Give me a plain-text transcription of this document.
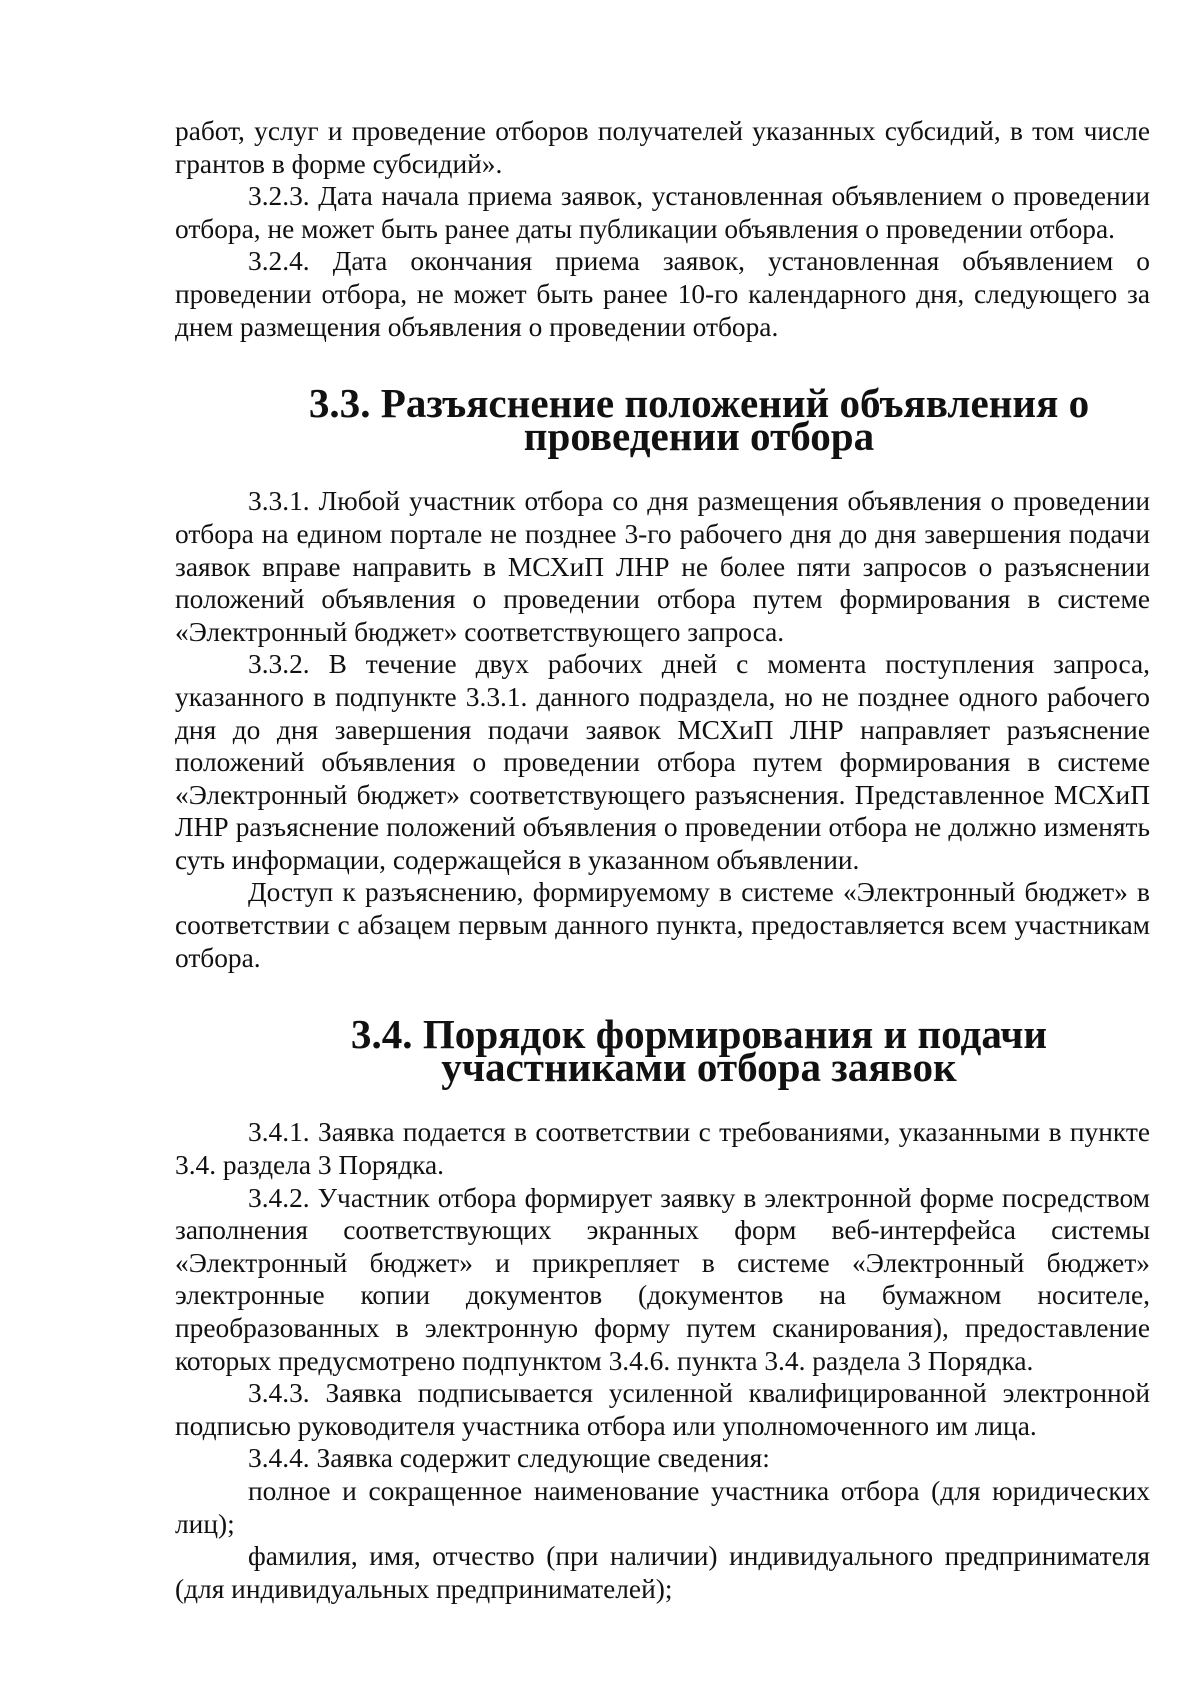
работ, услуг и проведение отборов получателей указанных субсидий, в том числе грантов в форме субсидий».

3.2.3. Дата начала приема заявок, установленная объявлением о проведении отбора, не может быть ранее даты публикации объявления о проведении отбора.

3.2.4. Дата окончания приема заявок, установленная объявлением о проведении отбора, не может быть ранее 10-го календарного дня, следующего за днем размещения объявления о проведении отбора.

3.3. Разъяснение положений объявления о проведении отбора

3.3.1. Любой участник отбора со дня размещения объявления о проведении отбора на едином портале не позднее 3-го рабочего дня до дня завершения подачи заявок вправе направить в МСХиП ЛНР не более пяти запросов о разъяснении положений объявления о проведении отбора путем формирования в системе «Электронный бюджет» соответствующего запроса.

3.3.2. В течение двух рабочих дней с момента поступления запроса, указанного в подпункте 3.3.1. данного подраздела, но не позднее одного рабочего дня до дня завершения подачи заявок МСХиП ЛНР направляет разъяснение положений объявления о проведении отбора путем формирования в системе «Электронный бюджет» соответствующего разъяснения. Представленное МСХиП ЛНР разъяснение положений объявления о проведении отбора не должно изменять суть информации, содержащейся в указанном объявлении.

Доступ к разъяснению, формируемому в системе «Электронный бюджет» в соответствии с абзацем первым данного пункта, предоставляется всем участникам отбора.

3.4. Порядок формирования и подачи участниками отбора заявок

3.4.1. Заявка подается в соответствии с требованиями, указанными в пункте 3.4. раздела 3 Порядка.

3.4.2. Участник отбора формирует заявку в электронной форме посредством заполнения соответствующих экранных форм веб-интерфейса системы «Электронный бюджет» и прикрепляет в системе «Электронный бюджет» электронные копии документов (документов на бумажном носителе, преобразованных в электронную форму путем сканирования), предоставление которых предусмотрено подпунктом 3.4.6. пункта 3.4. раздела 3 Порядка.

3.4.3. Заявка подписывается усиленной квалифицированной электронной подписью руководителя участника отбора или уполномоченного им лица.

3.4.4. Заявка содержит следующие сведения:

полное и сокращенное наименование участника отбора (для юридических лиц);

фамилия, имя, отчество (при наличии) индивидуального предпринимателя (для индивидуальных предпринимателей);
